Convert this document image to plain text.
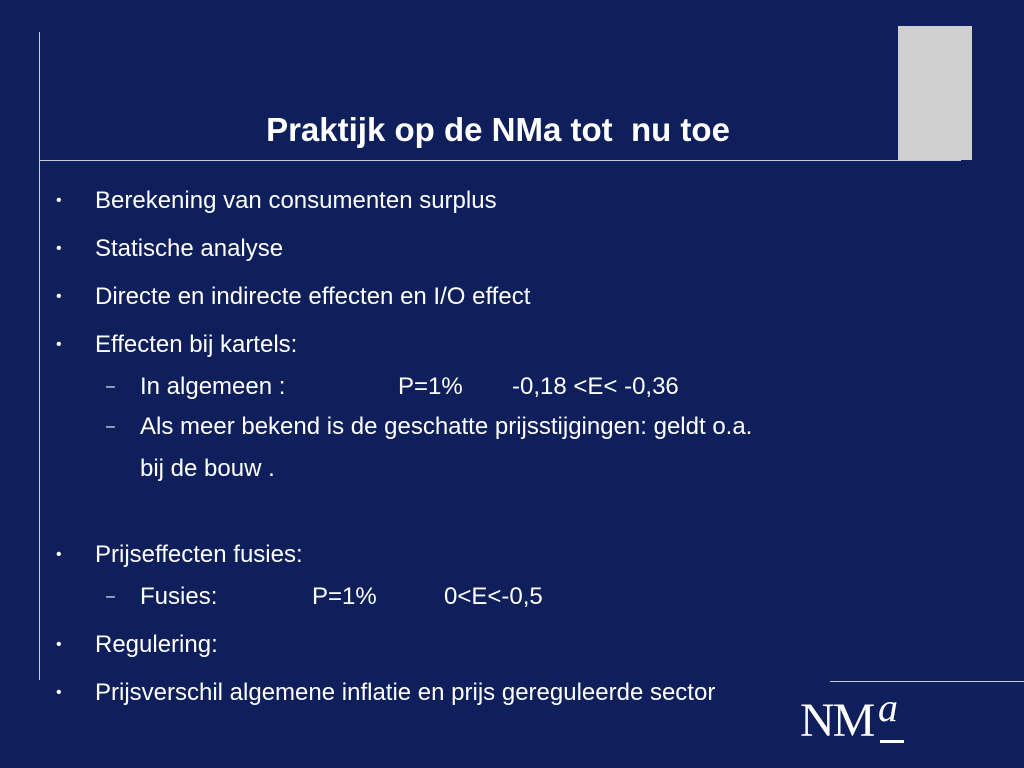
Praktijk op de NMa tot  nu toe
• Berekening van consumenten surplus
• Statische analyse
• Directe en indirecte effecten en I/O effect
• Effecten bij kartels:
– In algemeen :	P=1% -0,18 <E< -0,36
– Als meer bekend is de geschatte prijsstijgingen: geldt o.a.
bij de bouw .
• Prijseffecten fusies:
– Fusies:	P=1%	0<E<-0,5
• Regulering:
• Prijsverschil algemene inflatie en prijs gereguleerde sector
NM a
